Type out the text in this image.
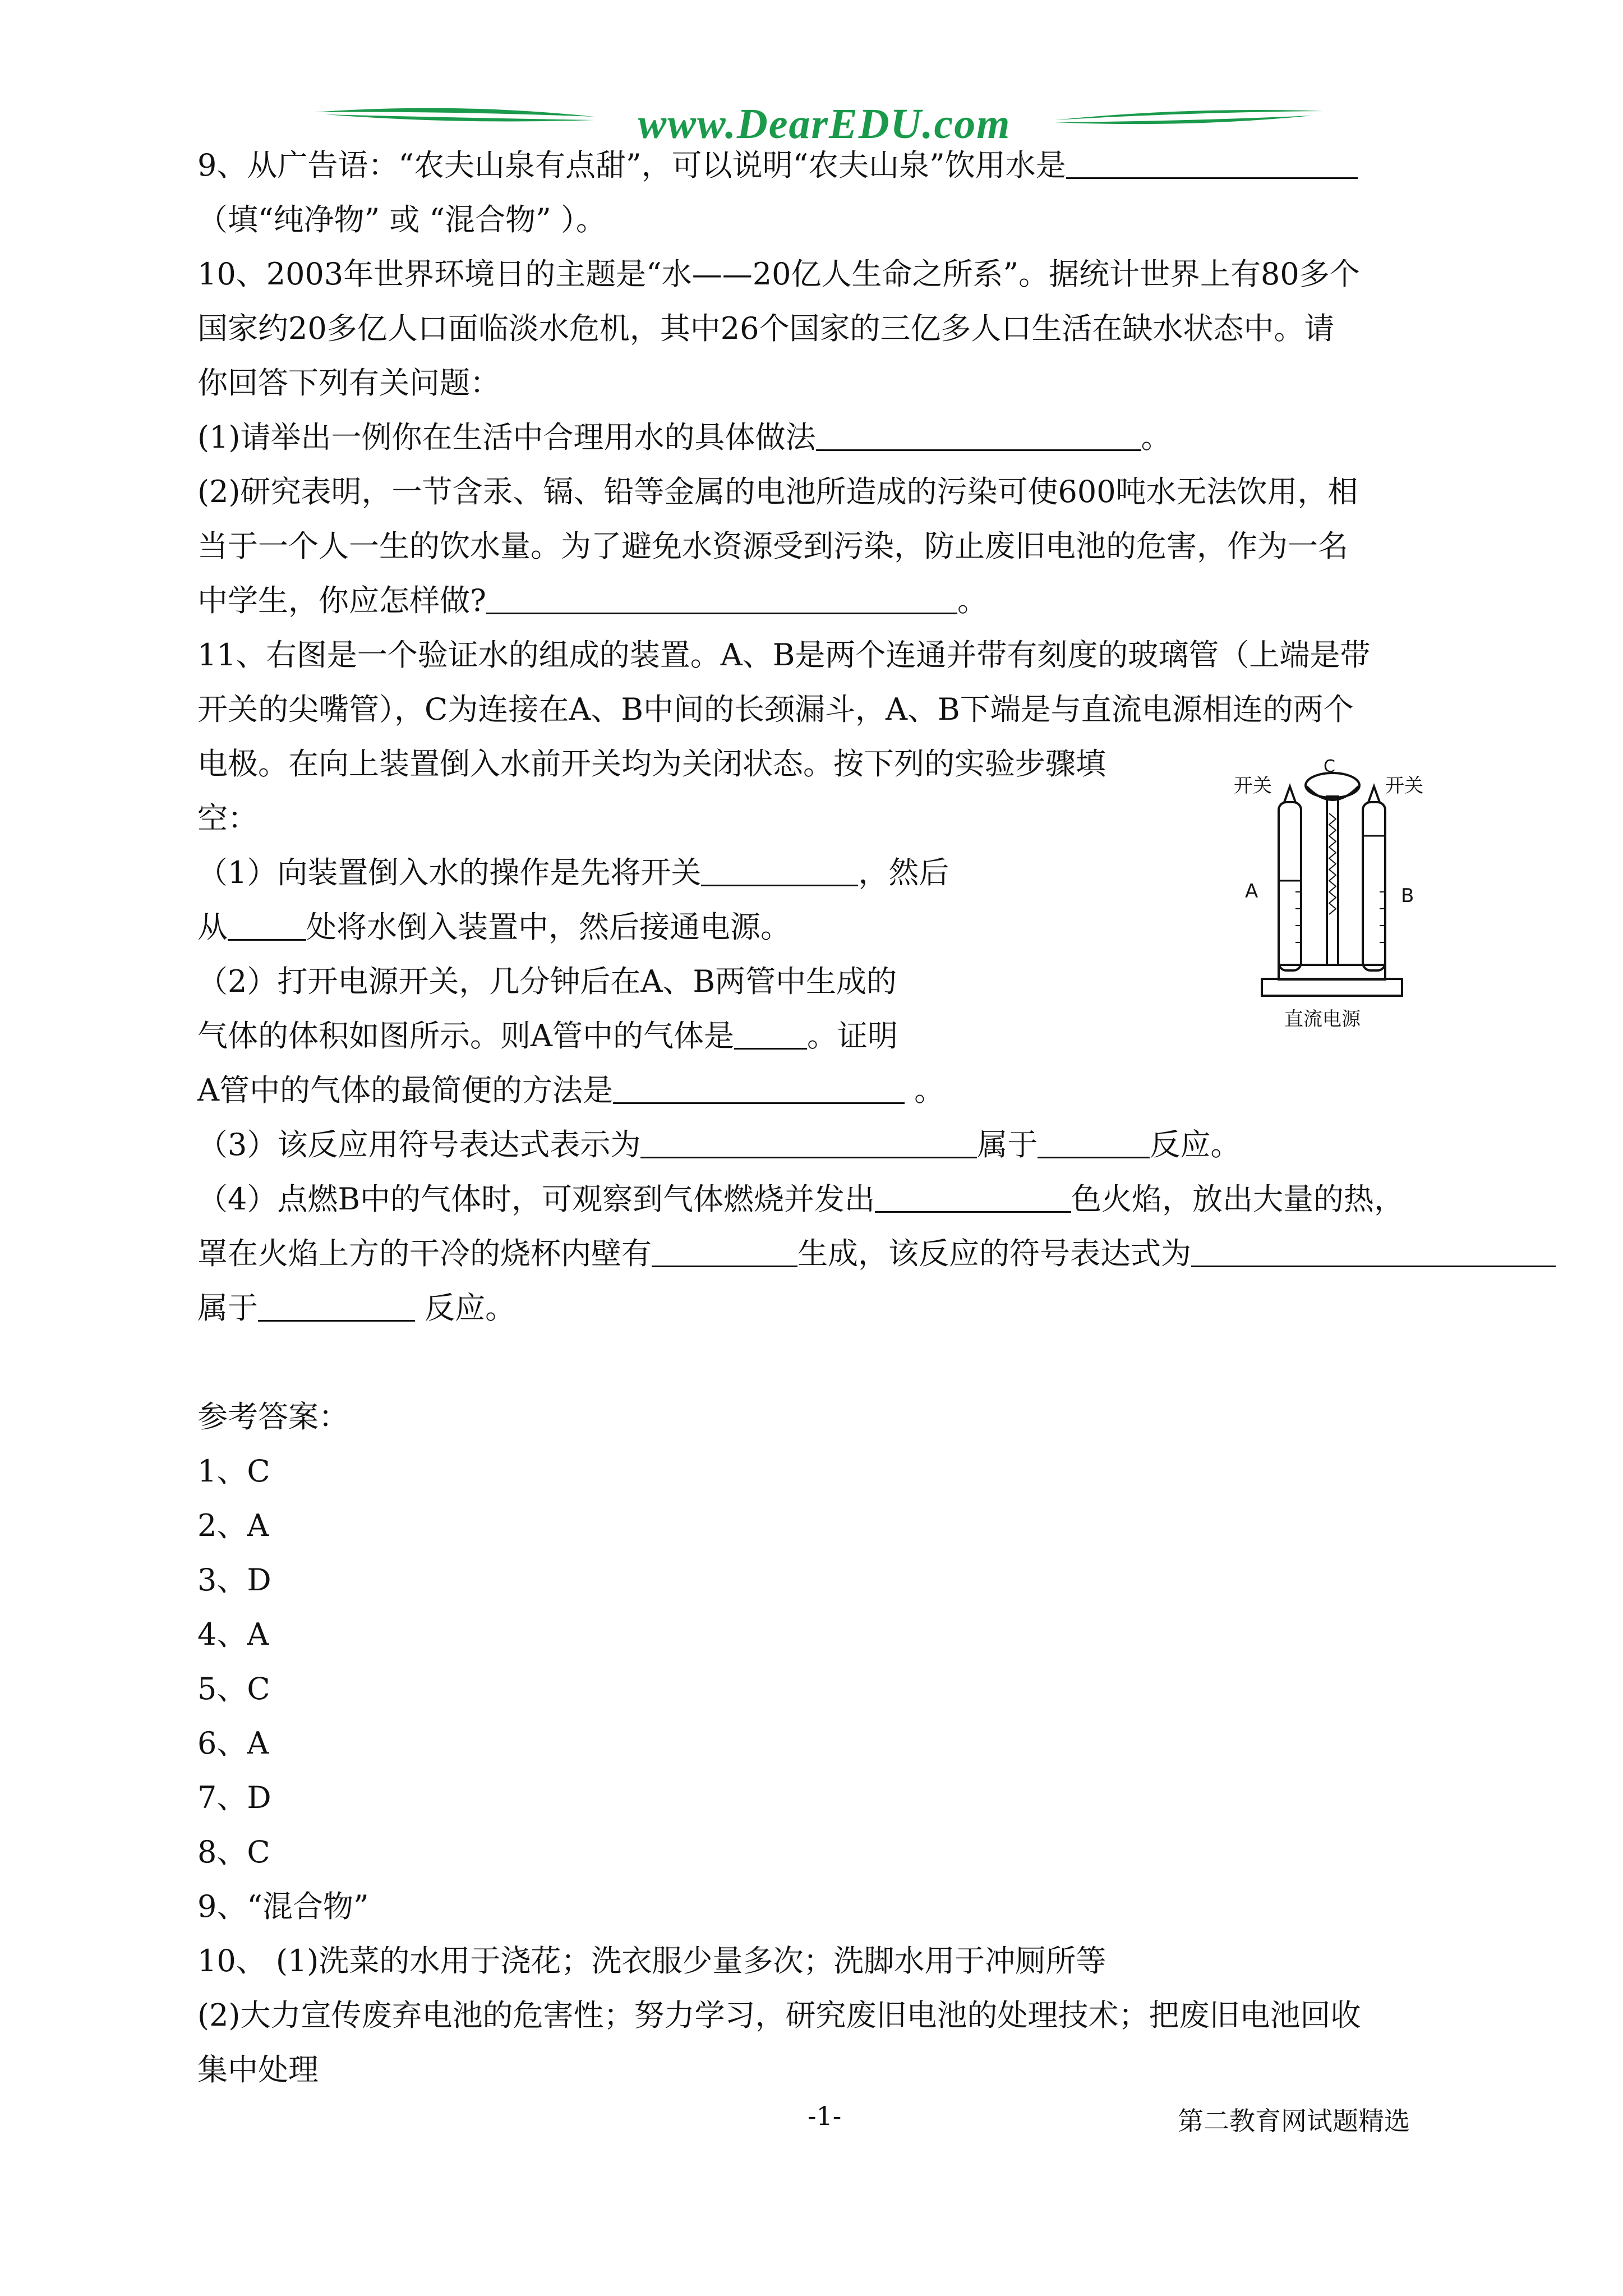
www.DearEDU.com
9、从广告语：“农夫山泉有点甜”，可以说明“农夫山泉”饮用水是
（填“纯净物” 或 “混合物” ）。
10、2003年世界环境日的主题是“水——20亿人生命之所系”。据统计世界上有80多个
国家约20多亿人口面临淡水危机，其中26个国家的三亿多人口生活在缺水状态中。请
你回答下列有关问题：
(1)请举出一例你在生活中合理用水的具体做法	。
(2)研究表明，一节含汞、镉、铅等金属的电池所造成的污染可使600吨水无法饮用，相
当于一个人一生的饮水量。为了避免水资源受到污染，防止废旧电池的危害，作为一名
中学生，你应怎样做?	。
11、右图是一个验证水的组成的装置。A、B是两个连通并带有刻度的玻璃管（上端是带
开关的尖嘴管），C为连接在A、B中间的长颈漏斗，A、B下端是与直流电源相连的两个
电极。在向上装置倒入水前开关均为关闭状态。按下列的实验步骤填
空：
（1）向装置倒入水的操作是先将开关	，然后
从	处将水倒入装置中，然后接通电源。
（2）打开电源开关，几分钟后在A、B两管中生成的
气体的体积如图所示。则A管中的气体是 。证明
A管中的气体的最简便的方法是	。
（3）该反应用符号表达式表示为	属于	反应。
（4）点燃B中的气体时，可观察到气体燃烧并发出	色火焰，放出大量的热，
罩在火焰上方的干冷的烧杯内壁有	生成，该反应的符号表达式为
属于	反应。
参考答案：
1、C
2、A
3、D
4、A
5、C
6、A
7、D
8、C
9、“混合物”
10、 (1)洗菜的水用于浇花；洗衣服少量多次；洗脚水用于冲厕所等
(2)大力宣传废弃电池的危害性；努力学习，研究废旧电池的处理技术；把废旧电池回收
集中处理
开关	开关
C
A	B
直流电源
-1-	第二教育网试题精选
